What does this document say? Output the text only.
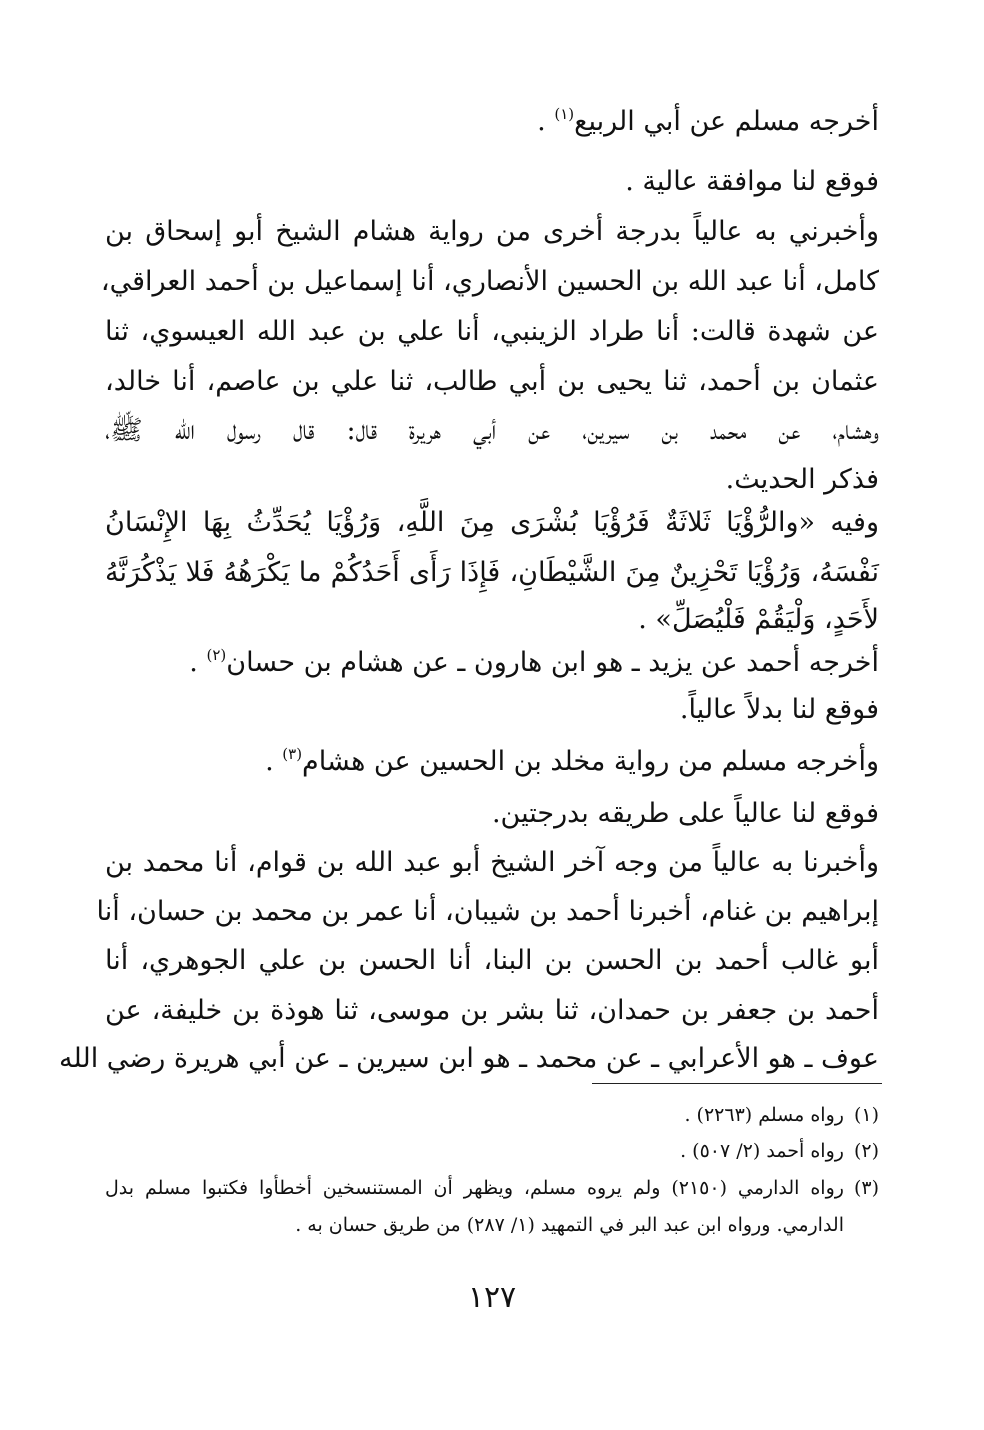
أخرجه مسلم عن أبي الربيع$^{(١)}$ .

فوقع لنا موافقة عالية .

وأخبرني به عالياً بدرجة أخرى من رواية هشام الشيخ أبو إسحاق بن

كامل، أنا عبد الله بن الحسين الأنصاري، أنا إسماعيل بن أحمد العراقي،

عن شهدة قالت: أنا طراد الزينبي، أنا علي بن عبد الله العيسوي، ثنا

عثمان بن أحمد، ثنا يحيى بن أبي طالب، ثنا علي بن عاصم، أنا خالد،

وهشام، عن محمد بن سيرين، عن أبي هريرة قال: قال رسول الله ﷺ،

فذكر الحديث.

وفيه «والرُّؤْيَا ثَلاثَةٌ فَرُؤْيَا بُشْرَى مِنَ اللَّهِ، وَرُؤْيَا يُحَدِّثُ بِهَا الإِنْسَانُ

نَفْسَهُ، وَرُؤْيَا تَحْزِينٌ مِنَ الشَّيْطَانِ، فَإِذَا رَأَى أَحَدُكُمْ ما يَكْرَهُهُ فَلا يَذْكُرَنَّهُ

لأَحَدٍ، وَلْيَقُمْ فَلْيُصَلِّ» .

أخرجه أحمد عن يزيد ـ هو ابن هارون ـ عن هشام بن حسان$^{(٢)}$ .

فوقع لنا بدلاً عالياً.

وأخرجه مسلم من رواية مخلد بن الحسين عن هشام$^{(٣)}$ .

فوقع لنا عالياً على طريقه بدرجتين.

وأخبرنا به عالياً من وجه آخر الشيخ أبو عبد الله بن قوام، أنا محمد بن

إبراهيم بن غنام، أخبرنا أحمد بن شيبان، أنا عمر بن محمد بن حسان، أنا

أبو غالب أحمد بن الحسن بن البنا، أنا الحسن بن علي الجوهري، أنا

أحمد بن جعفر بن حمدان، ثنا بشر بن موسى، ثنا هوذة بن خليفة، عن

عوف ـ هو الأعرابي ـ عن محمد ـ هو ابن سيرين ـ عن أبي هريرة رضي الله

(١)رواه مسلم (٢٢٦٣) .

(٢)رواه أحمد (٢/ ٥٠٧) .

(٣)رواه الدارمي (٢١٥٠) ولم يروه مسلم، ويظهر أن المستنسخين أخطأوا فكتبوا مسلم بدل

الدارمي. ورواه ابن عبد البر في التمهيد (١/ ٢٨٧) من طريق حسان به .

١٢٧
